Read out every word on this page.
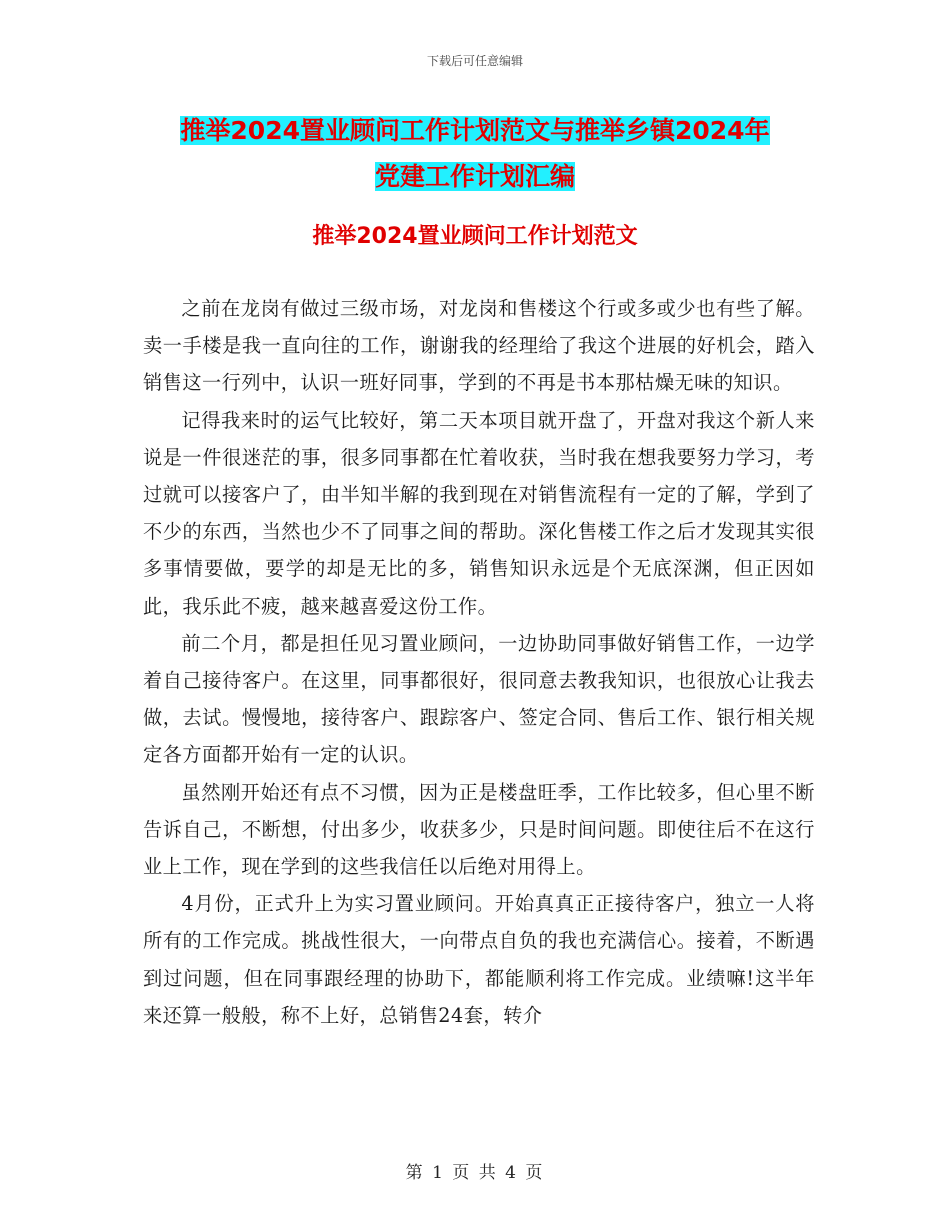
下载后可任意编辑
推举2024置业顾问工作计划范文与推举乡镇2024年
党建工作计划汇编
推举2024置业顾问工作计划范文

之前在龙岗有做过三级市场，对龙岗和售楼这个行或多或少也有些了解。卖一手楼是我一直向往的工作，谢谢我的经理给了我这个进展的好机会，踏入销售这一行列中，认识一班好同事，学到的不再是书本那枯燥无味的知识。

记得我来时的运气比较好，第二天本项目就开盘了，开盘对我这个新人来说是一件很迷茫的事，很多同事都在忙着收获，当时我在想我要努力学习，考过就可以接客户了，由半知半解的我到现在对销售流程有一定的了解，学到了不少的东西，当然也少不了同事之间的帮助。深化售楼工作之后才发现其实很多事情要做，要学的却是无比的多，销售知识永远是个无底深渊，但正因如此，我乐此不疲，越来越喜爱这份工作。

前二个月，都是担任见习置业顾问，一边协助同事做好销售工作，一边学着自己接待客户。在这里，同事都很好，很同意去教我知识，也很放心让我去做，去试。慢慢地，接待客户、跟踪客户、签定合同、售后工作、银行相关规定各方面都开始有一定的认识。

虽然刚开始还有点不习惯，因为正是楼盘旺季，工作比较多，但心里不断告诉自己，不断想，付出多少，收获多少，只是时间问题。即使往后不在这行业上工作，现在学到的这些我信任以后绝对用得上。

4月份，正式升上为实习置业顾问。开始真真正正接待客户，独立一人将所有的工作完成。挑战性很大，一向带点自负的我也充满信心。接着，不断遇到过问题，但在同事跟经理的协助下，都能顺利将工作完成。业绩嘛!这半年来还算一般般，称不上好，总销售24套，转介

第 1 页 共 4 页
